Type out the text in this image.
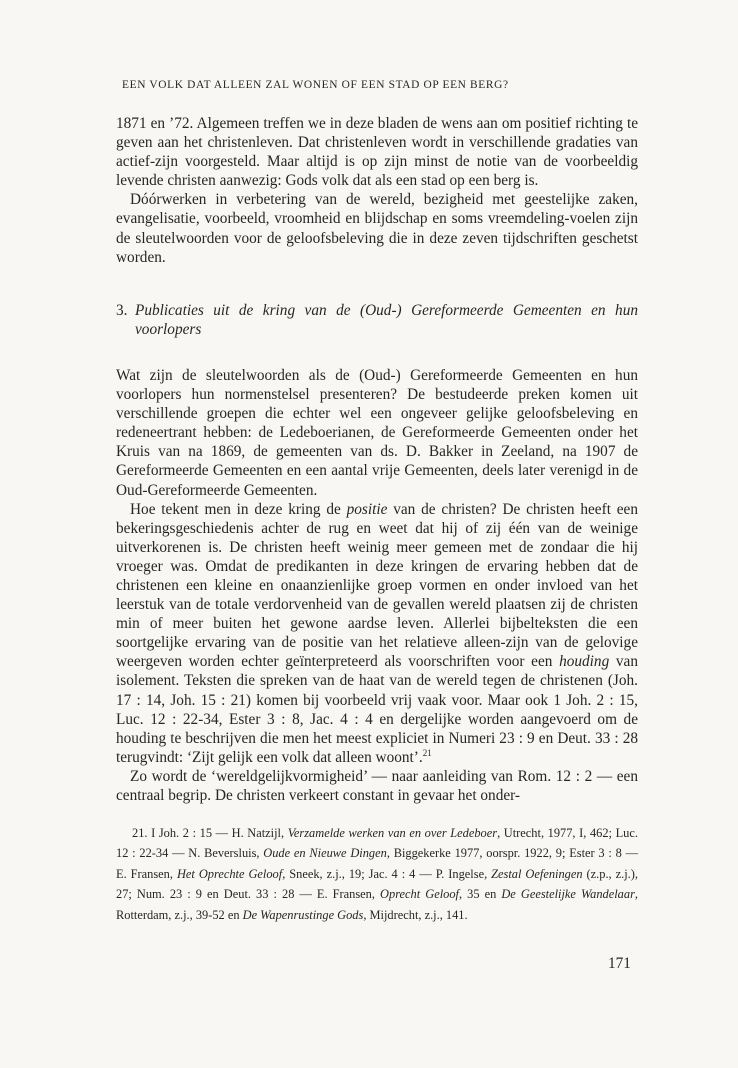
EEN VOLK DAT ALLEEN ZAL WONEN OF EEN STAD OP EEN BERG?

1871 en ’72. Algemeen treffen we in deze bladen de wens aan om positief richting te geven aan het christenleven. Dat christenleven wordt in verschillende gradaties van actief-zijn voorgesteld. Maar altijd is op zijn minst de notie van de voorbeeldig levende christen aanwezig: Gods volk dat als een stad op een berg is.

Dóórwerken in verbetering van de wereld, bezigheid met geestelijke zaken, evangelisatie, voorbeeld, vroomheid en blijdschap en soms vreemdeling-voelen zijn de sleutelwoorden voor de geloofsbeleving die in deze zeven tijdschriften geschetst worden.

3. Publicaties uit de kring van de (Oud-) Gereformeerde Gemeenten en hun voorlopers

Wat zijn de sleutelwoorden als de (Oud-) Gereformeerde Gemeenten en hun voorlopers hun normenstelsel presenteren? De bestudeerde preken komen uit verschillende groepen die echter wel een ongeveer gelijke geloofsbeleving en redeneertrant hebben: de Ledeboerianen, de Gereformeerde Gemeenten onder het Kruis van na 1869, de gemeenten van ds. D. Bakker in Zeeland, na 1907 de Gereformeerde Gemeenten en een aantal vrije Gemeenten, deels later verenigd in de Oud-Gereformeerde Gemeenten.

Hoe tekent men in deze kring de positie van de christen? De christen heeft een bekeringsgeschiedenis achter de rug en weet dat hij of zij één van de weinige uitverkorenen is. De christen heeft weinig meer gemeen met de zondaar die hij vroeger was. Omdat de predikanten in deze kringen de ervaring hebben dat de christenen een kleine en onaanzienlijke groep vormen en onder invloed van het leerstuk van de totale verdorvenheid van de gevallen wereld plaatsen zij de christen min of meer buiten het gewone aardse leven. Allerlei bijbelteksten die een soortgelijke ervaring van de positie van het relatieve alleen-zijn van de gelovige weergeven worden echter geïnterpreteerd als voorschriften voor een houding van isolement. Teksten die spreken van de haat van de wereld tegen de christenen (Joh. 17 : 14, Joh. 15 : 21) komen bij voorbeeld vrij vaak voor. Maar ook 1 Joh. 2 : 15, Luc. 12 : 22-34, Ester 3 : 8, Jac. 4 : 4 en dergelijke worden aangevoerd om de houding te beschrijven die men het meest expliciet in Numeri 23 : 9 en Deut. 33 : 28 terugvindt: ‘Zijt gelijk een volk dat alleen woont’.$^{21}$

Zo wordt de ‘wereldgelijkvormigheid’ — naar aanleiding van Rom. 12 : 2 — een centraal begrip. De christen verkeert constant in gevaar het onder-

21. I Joh. 2 : 15 — H. Natzijl, Verzamelde werken van en over Ledeboer, Utrecht, 1977, I, 462; Luc. 12 : 22-34 — N. Beversluis, Oude en Nieuwe Dingen, Biggekerke 1977, oorspr. 1922, 9; Ester 3 : 8 — E. Fransen, Het Oprechte Geloof, Sneek, z.j., 19; Jac. 4 : 4 — P. Ingelse, Zestal Oefeningen (z.p., z.j.), 27; Num. 23 : 9 en Deut. 33 : 28 — E. Fransen, Oprecht Geloof, 35 en De Geestelijke Wandelaar, Rotterdam, z.j., 39-52 en De Wapenrustinge Gods, Mijdrecht, z.j., 141.

171
